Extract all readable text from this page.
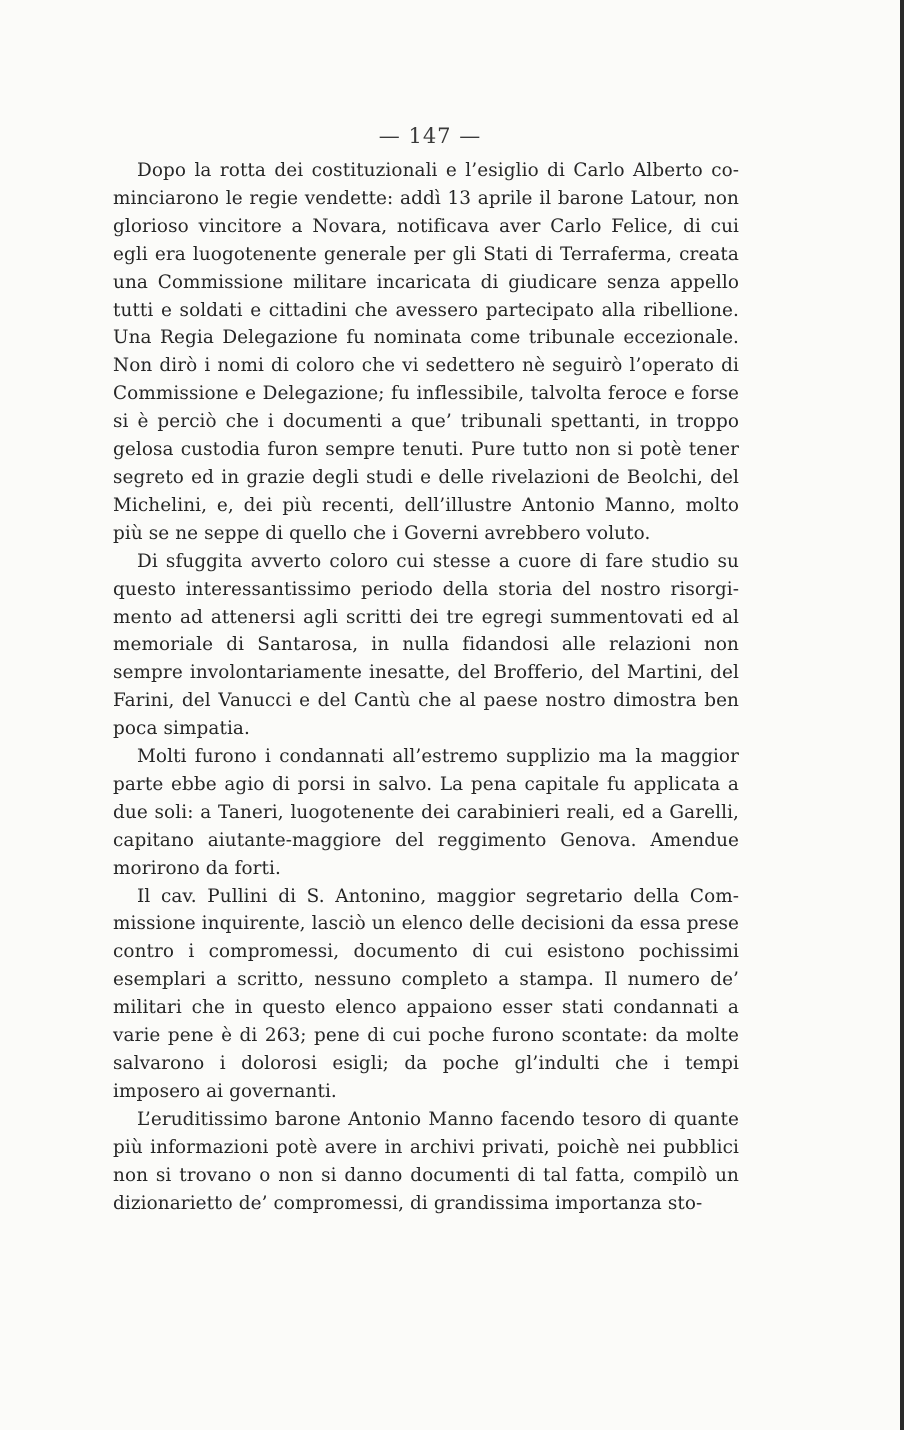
— 147 —

Dopo la rotta dei costituzionali e l’esiglio di Carlo Alberto cominciarono le regie vendette: addì 13 aprile il barone Latour, non glorioso vincitore a Novara, notificava aver Carlo Felice, di cui egli era luogotenente generale per gli Stati di Terraferma, creata una Commissione militare incaricata di giudicare senza appello tutti e soldati e cittadini che avessero partecipato alla ribellione. Una Regia Delegazione fu nominata come tribunale eccezionale. Non dirò i nomi di coloro che vi sedettero nè seguirò l’operato di Commissione e Delegazione; fu inflessibile, talvolta feroce e forse si è perciò che i documenti a que’ tribunali spettanti, in troppo gelosa custodia furon sempre tenuti. Pure tutto non si potè tener segreto ed in grazie degli studi e delle rivelazioni de Beolchi, del Michelini, e, dei più recenti, dell’illustre Antonio Manno, molto più se ne seppe di quello che i Governi avrebbero voluto.

Di sfuggita avverto coloro cui stesse a cuore di fare studio su questo interessantissimo periodo della storia del nostro risorgimento ad attenersi agli scritti dei tre egregi summentovati ed al memoriale di Santarosa, in nulla fidandosi alle relazioni non sempre involontariamente inesatte, del Brofferio, del Martini, del Farini, del Vanucci e del Cantù che al paese nostro dimostra ben poca simpatia.

Molti furono i condannati all’estremo supplizio ma la maggior parte ebbe agio di porsi in salvo. La pena capitale fu applicata a due soli: a Taneri, luogotenente dei carabinieri reali, ed a Garelli, capitano aiutante-maggiore del reggimento Genova. Amendue morirono da forti.

Il cav. Pullini di S. Antonino, maggior segretario della Commissione inquirente, lasciò un elenco delle decisioni da essa prese contro i compromessi, documento di cui esistono pochissimi esemplari a scritto, nessuno completo a stampa. Il numero de’ militari che in questo elenco appaiono esser stati condannati a varie pene è di 263; pene di cui poche furono scontate: da molte salvarono i dolorosi esigli; da poche gl’indulti che i tempi imposero ai governanti.

L’eruditissimo barone Antonio Manno facendo tesoro di quante più informazioni potè avere in archivi privati, poichè nei pubblici non si trovano o non si danno documenti di tal fatta, compilò un dizionarietto de’ compromessi, di grandissima importanza sto-
